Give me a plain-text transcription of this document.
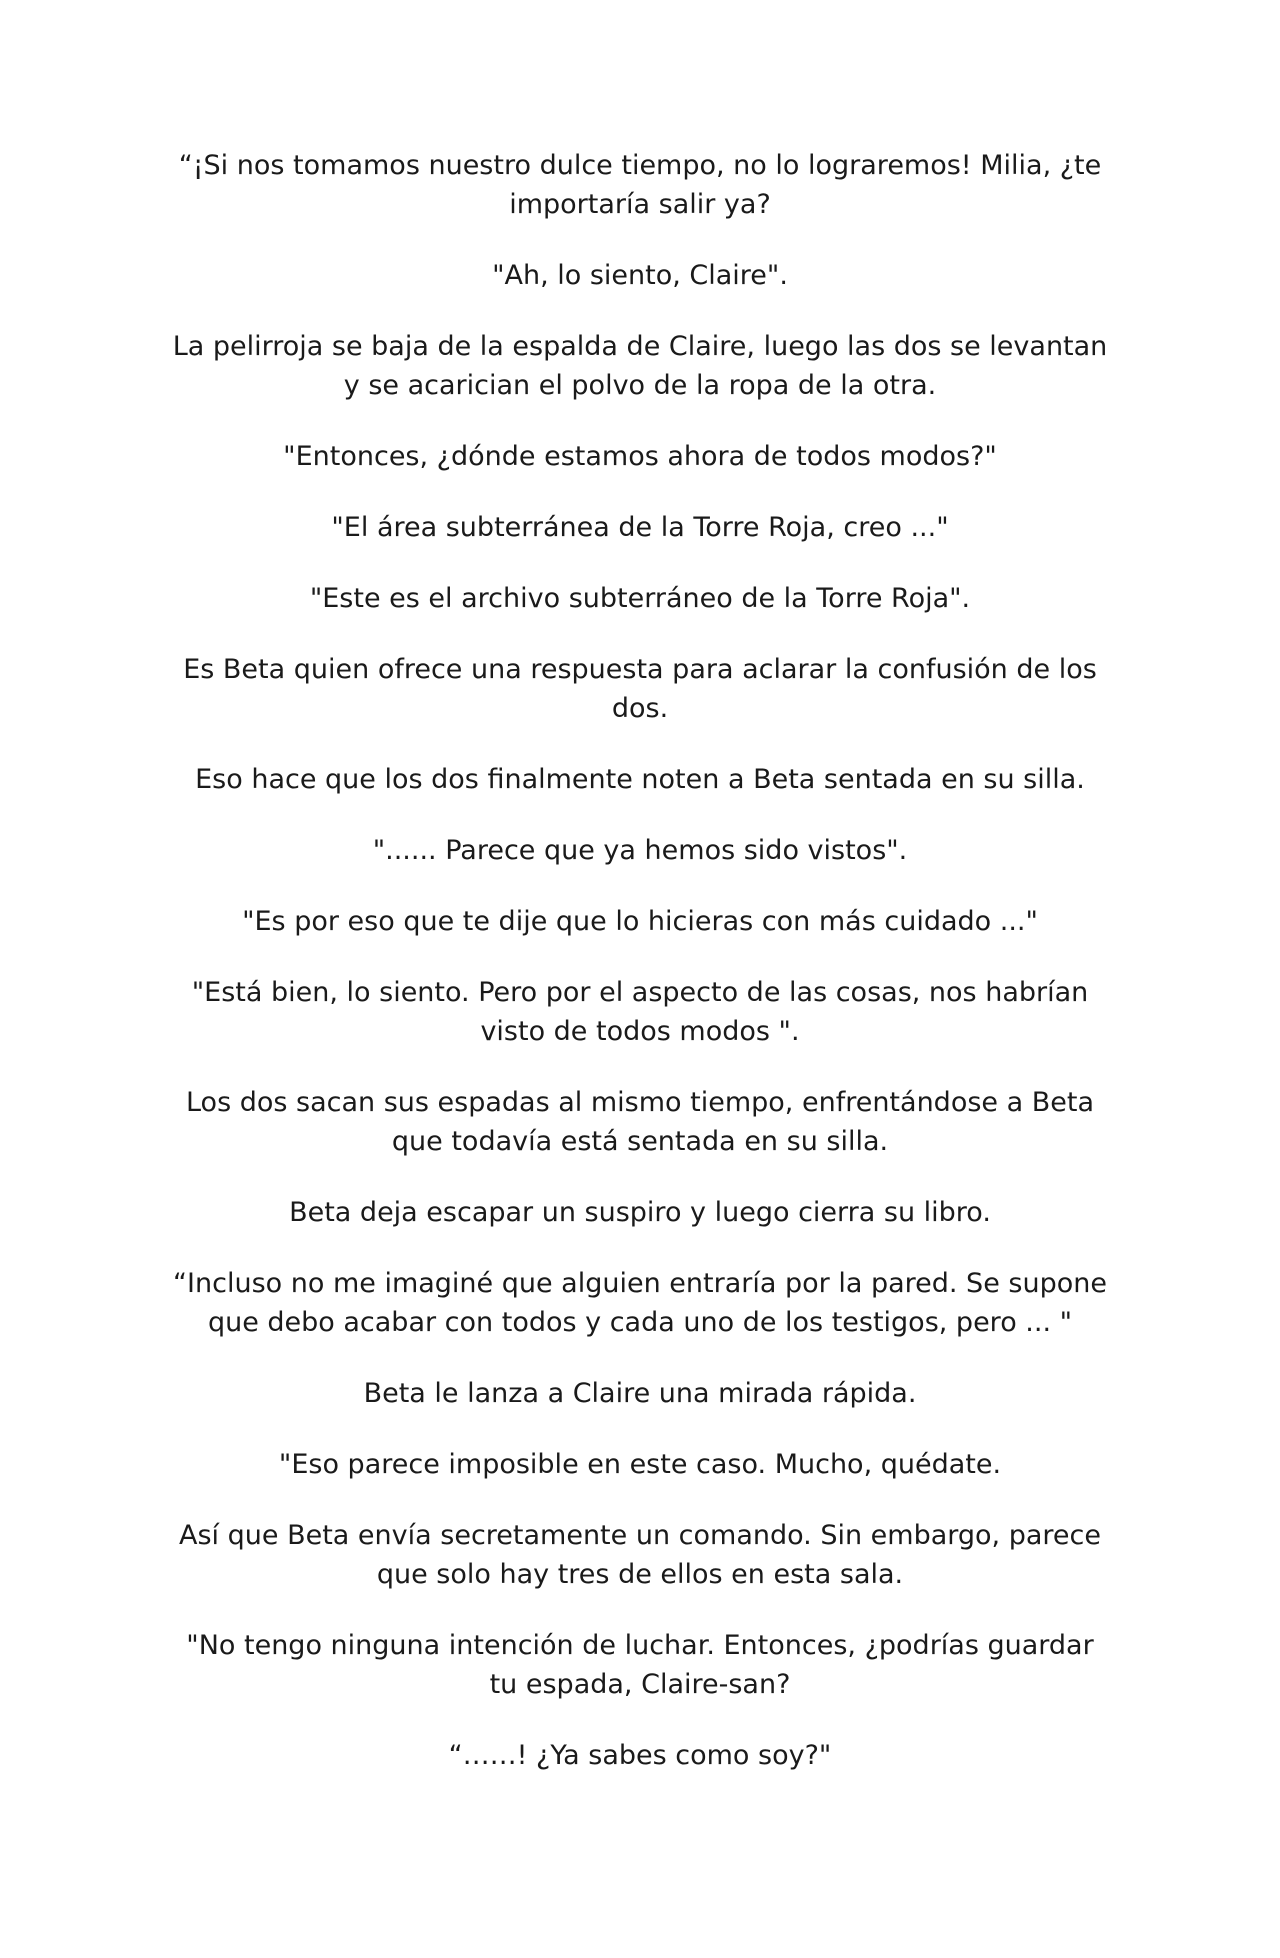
“¡Si nos tomamos nuestro dulce tiempo, no lo lograremos! Milia, ¿te importaría salir ya?

"Ah, lo siento, Claire".

La pelirroja se baja de la espalda de Claire, luego las dos se levantan y se acarician el polvo de la ropa de la otra.

"Entonces, ¿dónde estamos ahora de todos modos?"

"El área subterránea de la Torre Roja, creo ..."

"Este es el archivo subterráneo de la Torre Roja".

Es Beta quien ofrece una respuesta para aclarar la confusión de los dos.

Eso hace que los dos finalmente noten a Beta sentada en su silla.

"...... Parece que ya hemos sido vistos".

"Es por eso que te dije que lo hicieras con más cuidado ..."

"Está bien, lo siento. Pero por el aspecto de las cosas, nos habrían visto de todos modos ".

Los dos sacan sus espadas al mismo tiempo, enfrentándose a Beta que todavía está sentada en su silla.

Beta deja escapar un suspiro y luego cierra su libro.

“Incluso no me imaginé que alguien entraría por la pared. Se supone que debo acabar con todos y cada uno de los testigos, pero ... "

Beta le lanza a Claire una mirada rápida.

"Eso parece imposible en este caso. Mucho, quédate.

Así que Beta envía secretamente un comando. Sin embargo, parece que solo hay tres de ellos en esta sala.

"No tengo ninguna intención de luchar. Entonces, ¿podrías guardar tu espada, Claire-san?

“……! ¿Ya sabes como soy?"
